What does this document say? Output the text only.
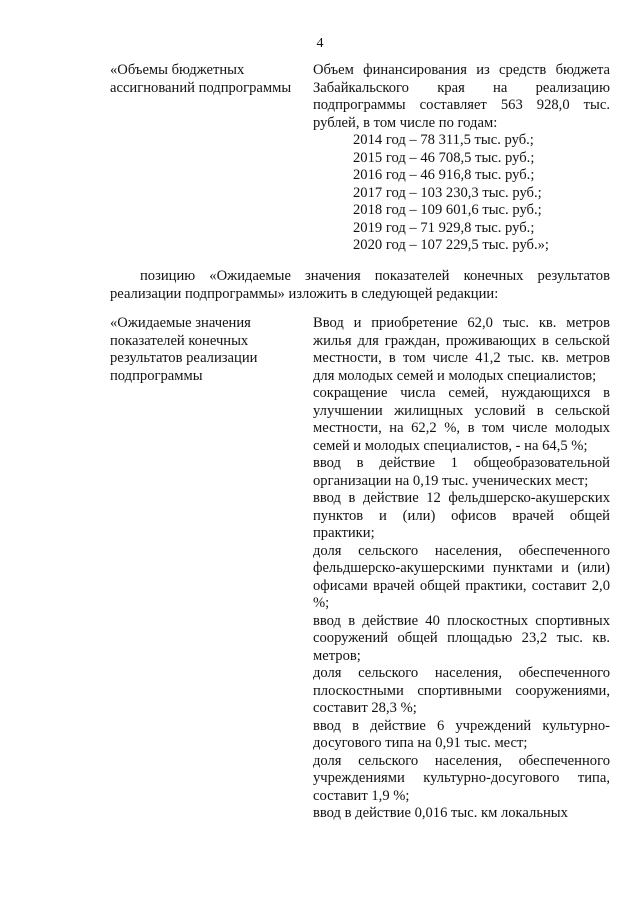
4
«Объемы бюджетных ассигнований подпрограммы
Объем финансирования из средств бюджета Забайкальского края на реализацию подпрограммы составляет 563 928,0 тыс. рублей, в том числе по годам:
2014 год – 78 311,5 тыс. руб.;
2015 год – 46 708,5 тыс. руб.;
2016 год – 46 916,8 тыс. руб.;
2017 год – 103 230,3 тыс. руб.;
2018 год – 109 601,6 тыс. руб.;
2019 год – 71 929,8 тыс. руб.;
2020 год – 107 229,5 тыс. руб.»;
позицию «Ожидаемые значения показателей конечных результатов реализации подпрограммы» изложить в следующей редакции:
«Ожидаемые значения показателей конечных результатов реализации подпрограммы
Ввод и приобретение 62,0 тыс. кв. метров жилья для граждан, проживающих в сельской местности, в том числе 41,2 тыс. кв. метров для молодых семей и молодых специалистов;
сокращение числа семей, нуждающихся в улучшении жилищных условий в сельской местности, на 62,2 %, в том числе молодых семей и молодых специалистов, - на 64,5 %;
ввод в действие 1 общеобразовательной организации на 0,19 тыс. ученических мест;
ввод в действие 12 фельдшерско-акушерских пунктов и (или) офисов врачей общей практики;
доля сельского населения, обеспеченного фельдшерско-акушерскими пунктами и (или) офисами врачей общей практики, составит 2,0 %;
ввод в действие 40 плоскостных спортивных сооружений общей площадью 23,2 тыс. кв. метров;
доля сельского населения, обеспеченного плоскостными спортивными сооружениями, составит 28,3 %;
ввод в действие 6 учреждений культурно-досугового типа на 0,91 тыс. мест;
доля сельского населения, обеспеченного учреждениями культурно-досугового типа, составит 1,9 %;
ввод в действие 0,016 тыс. км локальных
